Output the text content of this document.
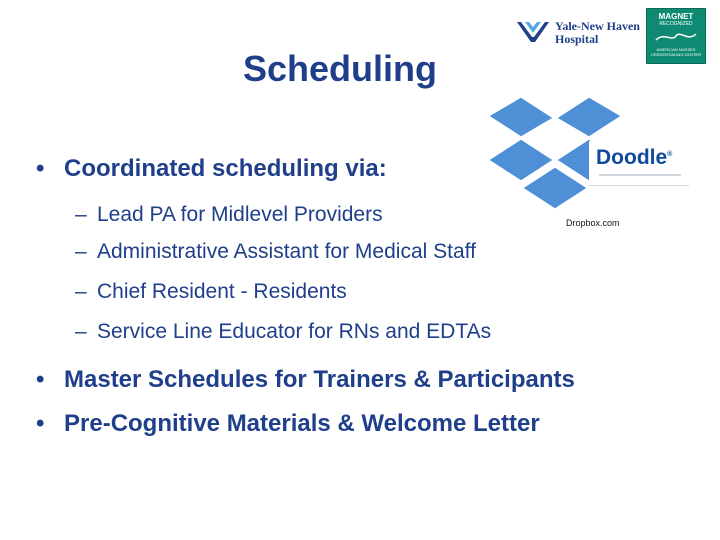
Yale-New Haven
Hospital
MAGNET
RECOGNIZED
AMERICAN NURSES CREDENTIALING CENTER
Scheduling
Dropbox.com
Doodle®
• Coordinated scheduling via:
– Lead PA for Midlevel Providers
– Administrative Assistant for Medical Staff
– Chief Resident - Residents
– Service Line Educator for RNs and EDTAs
• Master Schedules for Trainers & Participants
• Pre-Cognitive Materials & Welcome Letter
